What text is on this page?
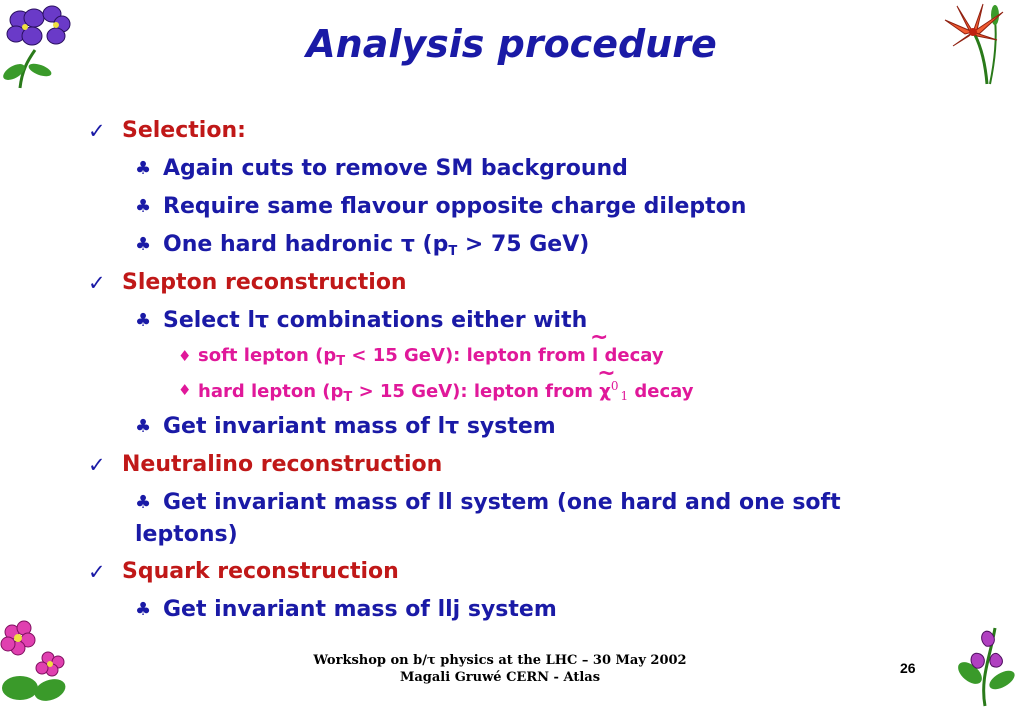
Analysis procedure
✓ Selection:
♣ Again cuts to remove SM background
♣ Require same flavour opposite charge dilepton
♣ One hard hadronic τ ($p_T > 75$ GeV)
✓ Slepton reconstruction
♣ Select lτ combinations either with
♦ soft lepton ($p_T < 15$ GeV): lepton from ~ l decay
♦ hard lepton ($p_T > 15$ GeV): lepton from ~ $\chi^0_1$ decay
♣ Get invariant mass of lτ system
✓ Neutralino reconstruction
♣ Get invariant mass of ll system (one hard and one soft
leptons)
✓ Squark reconstruction
♣ Get invariant mass of llj system
Workshop on b/τ physics at the LHC – 30 May 2002
Magali Gruwé CERN - Atlas
26
